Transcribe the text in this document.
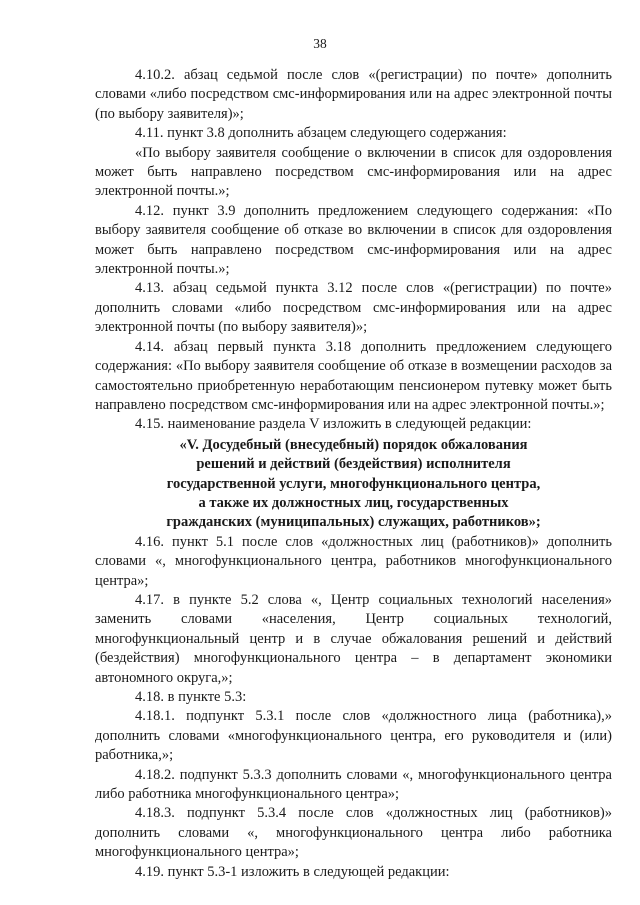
38

4.10.2. абзац седьмой после слов «(регистрации) по почте» дополнить словами «либо посредством смс-информирования или на адрес электронной почты (по выбору заявителя)»;

4.11. пункт 3.8 дополнить абзацем следующего содержания:

«По выбору заявителя сообщение о включении в список для оздоровления может быть направлено посредством смс-информирования или на адрес электронной почты.»;

4.12. пункт 3.9 дополнить предложением следующего содержания: «По выбору заявителя сообщение об отказе во включении в список для оздоровления может быть направлено посредством смс-информирования или на адрес электронной почты.»;

4.13. абзац седьмой пункта 3.12 после слов «(регистрации) по почте» дополнить словами «либо посредством смс-информирования или на адрес электронной почты (по выбору заявителя)»;

4.14. абзац первый пункта 3.18 дополнить предложением следующего содержания: «По выбору заявителя сообщение об отказе в возмещении расходов за самостоятельно приобретенную неработающим пенсионером путевку может быть направлено посредством смс-информирования или на адрес электронной почты.»;

4.15. наименование раздела V изложить в следующей редакции:

«V. Досудебный (внесудебный) порядок обжалования
решений и действий (бездействия) исполнителя
государственной услуги, многофункционального центра,
а также их должностных лиц, государственных
гражданских (муниципальных) служащих, работников»;

4.16. пункт 5.1 после слов «должностных лиц (работников)» дополнить словами «, многофункционального центра, работников многофункционального центра»;

4.17. в пункте 5.2 слова «, Центр социальных технологий населения» заменить словами «населения, Центр социальных технологий, многофункциональный центр и в случае обжалования решений и действий (бездействия) многофункционального центра – в департамент экономики автономного округа,»;

4.18. в пункте 5.3:

4.18.1. подпункт 5.3.1 после слов «должностного лица (работника),» дополнить словами «многофункционального центра, его руководителя и (или) работника,»;

4.18.2. подпункт 5.3.3 дополнить словами «, многофункционального центра либо работника многофункционального центра»;

4.18.3. подпункт 5.3.4 после слов «должностных лиц (работников)» дополнить словами «, многофункционального центра либо работника многофункционального центра»;

4.19. пункт 5.3-1 изложить в следующей редакции:
